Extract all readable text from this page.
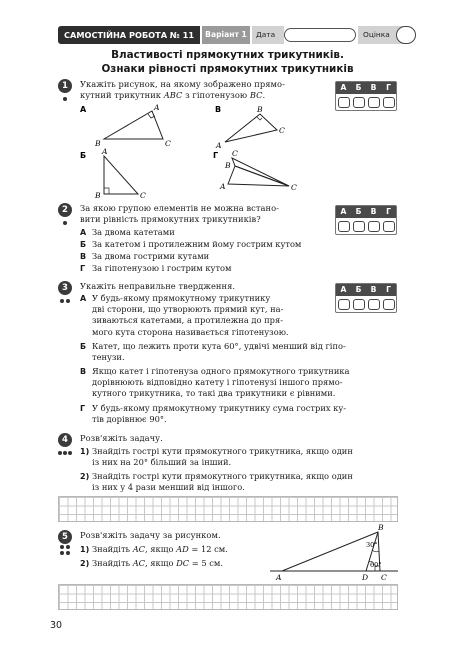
САМОСТІЙНА РОБОТА № 11	Варіант 1	Дата	Оцінка
Властивості прямокутних трикутників.
Ознаки рівності прямокутних трикутників
1	Укажіть рисунок, на якому зображено прямо-
кутний трикутник ABC з гіпотенузою BC.
А	Б	В	Г
А
B
A
C
В
A
B
C
Б A
B	C
Г C
B
A	C
2	За якою групою елементів не можна встано-
вити рівність прямокутних трикутників?
А	Б	В	Г
А За двома катетами
Б За катетом і протилежним йому гострим кутом
В За двома гострими кутами
Г За гіпотенузою і гострим кутом
3	Укажіть неправильне твердження.	А	Б	В	Г
А У будь-якому прямокутному трикутнику
дві сторони, що утворюють прямий кут, на-
зиваються катетами, а протилежна до пря-
мого кута сторона називається гіпотенузою.
Б Катет, що лежить проти кута 60°, удвічі менший від гіпо-
тенузи.
В Якщо катет і гіпотенуза одного прямокутного трикутника
дорівнюють відповідно катету і гіпотенузі іншого прямо-
кутного трикутника, то такі два трикутники є рівними.
Г У будь-якому прямокутному трикутнику сума гострих ку-
тів дорівнює 90°.
4	Розв'яжіть задачу.
1) Знайдіть гострі кути прямокутного трикутника, якщо один
із них на 20° більший за інший.
2) Знайдіть гострі кути прямокутного трикутника, якщо один
із них у 4 рази менший від іншого.
5	Розв'яжіть задачу за рисунком.
1) Знайдіть AC, якщо AD = 12 см.
2) Знайдіть AC, якщо DC = 5 см.
B
A	D C
30°
60°
30
